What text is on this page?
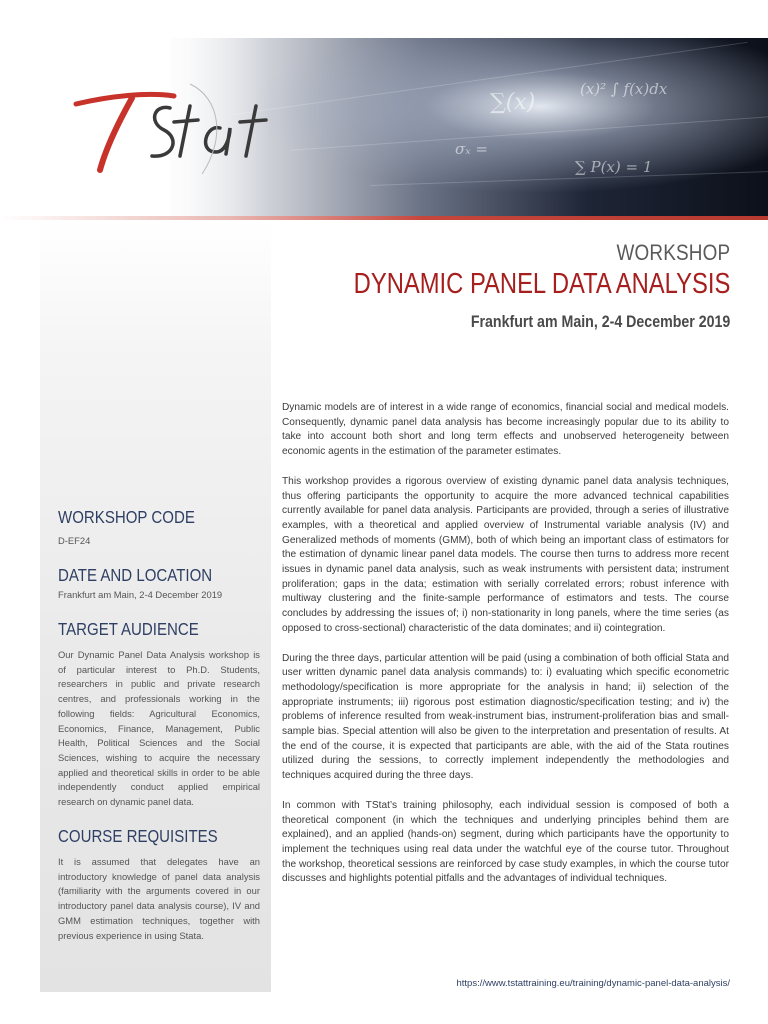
∑(x)
(x)² ∫ f(x)dx
σₓ =
∑ P(x) = 1
WORKSHOP
DYNAMIC PANEL DATA ANALYSIS
Frankfurt am Main, 2-4 December 2019
WORKSHOP CODE

D-EF24

DATE AND LOCATION

Frankfurt am Main, 2-4 December 2019

TARGET AUDIENCE

Our Dynamic Panel Data Analysis workshop is of particular interest to Ph.D. Students, researchers in public and private research centres, and professionals working in the following fields: Agricultural Economics, Economics, Finance, Management, Public Health, Political Sciences and the Social Sciences, wishing to acquire the necessary applied and theoretical skills in order to be able independently conduct applied empirical research on dynamic panel data.

COURSE REQUISITES

It is assumed that delegates have an introductory knowledge of panel data analysis (familiarity with the arguments covered in our introductory panel data analysis course), IV and GMM estimation techniques, together with previous experience in using Stata.

Dynamic models are of interest in a wide range of economics, financial social and medical models. Consequently, dynamic panel data analysis has become increasingly popular due to its ability to take into account both short and long term effects and unobserved heterogeneity between economic agents in the estimation of the parameter estimates.

This workshop provides a rigorous overview of existing dynamic panel data analysis techniques, thus offering participants the opportunity to acquire the more advanced technical capabilities currently available for panel data analysis. Participants are provided, through a series of illustrative examples, with a theoretical and applied overview of Instrumental variable analysis (IV) and Generalized methods of moments (GMM), both of which being an important class of estimators for the estimation of dynamic linear panel data models. The course then turns to address more recent issues in dynamic panel data analysis, such as weak instruments with persistent data; instrument proliferation; gaps in the data; estimation with serially correlated errors; robust inference with multiway clustering and the finite-sample performance of estimators and tests. The course concludes by addressing the issues of; i) non-stationarity in long panels, where the time series (as opposed to cross-sectional) characteristic of the data dominates; and ii) cointegration.

During the three days, particular attention will be paid (using a combination of both official Stata and user written dynamic panel data analysis commands) to: i) evaluating which specific econometric methodology/specification is more appropriate for the analysis in hand; ii) selection of the appropriate instruments; iii) rigorous post estimation diagnostic/specification testing; and iv) the problems of inference resulted from weak-instrument bias, instrument-proliferation bias and small-sample bias. Special attention will also be given to the interpretation and presentation of results. At the end of the course, it is expected that participants are able, with the aid of the Stata routines utilized during the sessions, to correctly implement independently the methodologies and techniques acquired during the three days.

In common with TStat’s training philosophy, each individual session is composed of both a theoretical component (in which the techniques and underlying principles behind them are explained), and an applied (hands-on) segment, during which participants have the opportunity to implement the techniques using real data under the watchful eye of the course tutor. Throughout the workshop, theoretical sessions are reinforced by case study examples, in which the course tutor discusses and highlights potential pitfalls and the advantages of individual techniques.

https://www.tstattraining.eu/training/dynamic-panel-data-analysis/
